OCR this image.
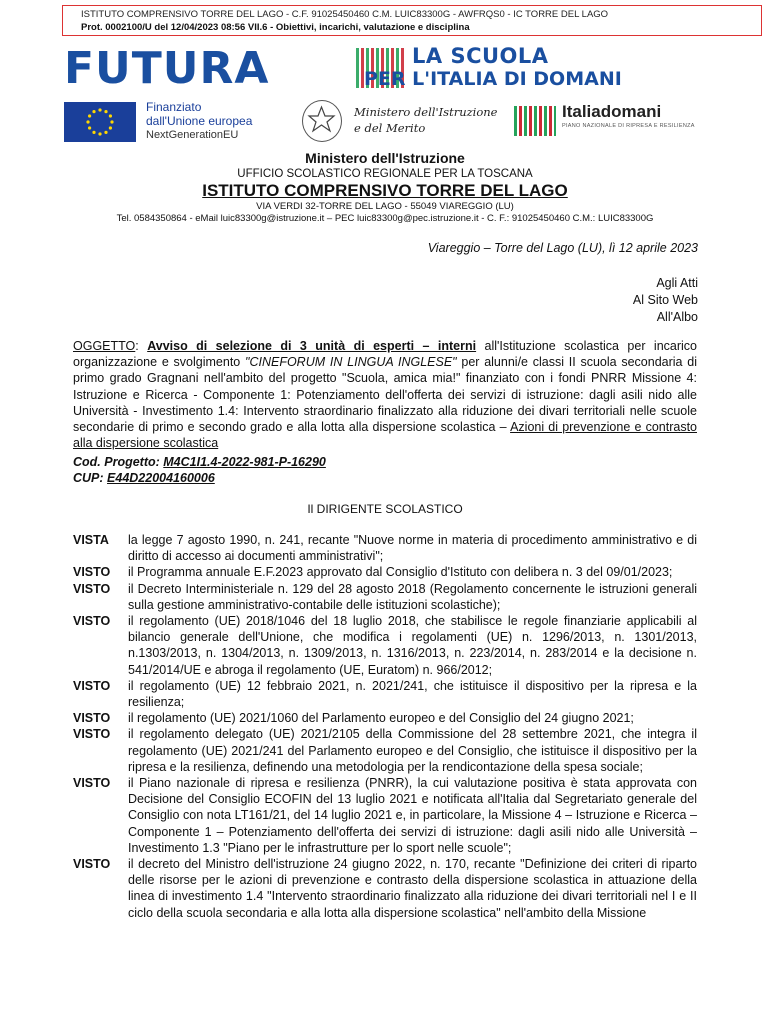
ISTITUTO COMPRENSIVO TORRE DEL LAGO - C.F. 91025450460 C.M. LUIC83300G - AWFRQS0 - IC TORRE DEL LAGO
Prot. 0002100/U del 12/04/2023 08:56 VII.6 - Obiettivi, incarichi, valutazione e disciplina
FUTURA	LA SCUOLA
PER L'ITALIA DI DOMANI
Finanziato
dall'Unione europea
NextGenerationEU
Ministero dell'Istruzione
e del Merito
Italiadomani
PIANO NAZIONALE DI RIPRESA E RESILIENZA
Ministero dell'Istruzione
UFFICIO SCOLASTICO REGIONALE PER LA TOSCANA
ISTITUTO COMPRENSIVO TORRE DEL LAGO
VIA VERDI 32-TORRE DEL LAGO - 55049 VIAREGGIO (LU)
Tel. 0584350864 - eMail luic83300g@istruzione.it – PEC luic83300g@pec.istruzione.it - C. F.: 91025450460 C.M.: LUIC83300G
Viareggio – Torre del Lago (LU), lì 12 aprile 2023
Agli Atti
Al Sito Web
All'Albo
OGGETTO: Avviso di selezione di 3 unità di esperti – interni all'Istituzione scolastica per incarico organizzazione e svolgimento "CINEFORUM IN LINGUA INGLESE" per alunni/e classi II scuola secondaria di primo grado Gragnani nell'ambito del progetto "Scuola, amica mia!" finanziato con i fondi PNRR Missione 4: Istruzione e Ricerca - Componente 1: Potenziamento dell'offerta dei servizi di istruzione: dagli asili nido alle Università - Investimento 1.4: Intervento straordinario finalizzato alla riduzione dei divari territoriali nelle scuole secondarie di primo e secondo grado e alla lotta alla dispersione scolastica – Azioni di prevenzione e contrasto alla dispersione scolastica
Cod. Progetto: M4C1I1.4-2022-981-P-16290
CUP: E44D22004160006
Il DIRIGENTE SCOLASTICO
VISTA	la legge 7 agosto 1990, n. 241, recante "Nuove norme in materia di procedimento amministrativo e di diritto di accesso ai documenti amministrativi";
VISTO	il Programma annuale E.F.2023 approvato dal Consiglio d'Istituto con delibera n. 3 del 09/01/2023;
VISTO	il Decreto Interministeriale n. 129 del 28 agosto 2018 (Regolamento concernente le istruzioni generali sulla gestione amministrativo-contabile delle istituzioni scolastiche);
VISTO	il regolamento (UE) 2018/1046 del 18 luglio 2018, che stabilisce le regole finanziarie applicabili al bilancio generale dell'Unione, che modifica i regolamenti (UE) n. 1296/2013, n. 1301/2013, n.1303/2013, n. 1304/2013, n. 1309/2013, n. 1316/2013, n. 223/2014, n. 283/2014 e la decisione n. 541/2014/UE e abroga il regolamento (UE, Euratom) n. 966/2012;
VISTO	il regolamento (UE) 12 febbraio 2021, n. 2021/241, che istituisce il dispositivo per la ripresa e la resilienza;
VISTO	il regolamento (UE) 2021/1060 del Parlamento europeo e del Consiglio del 24 giugno 2021;
VISTO	il regolamento delegato (UE) 2021/2105 della Commissione del 28 settembre 2021, che integra il regolamento (UE) 2021/241 del Parlamento europeo e del Consiglio, che istituisce il dispositivo per la ripresa e la resilienza, definendo una metodologia per la rendicontazione della spesa sociale;
VISTO	il Piano nazionale di ripresa e resilienza (PNRR), la cui valutazione positiva è stata approvata con Decisione del Consiglio ECOFIN del 13 luglio 2021 e notificata all'Italia dal Segretariato generale del Consiglio con nota LT161/21, del 14 luglio 2021 e, in particolare, la Missione 4 – Istruzione e Ricerca – Componente 1 – Potenziamento dell'offerta dei servizi di istruzione: dagli asili nido alle Università – Investimento 1.3 "Piano per le infrastrutture per lo sport nelle scuole";
VISTO	il decreto del Ministro dell'istruzione 24 giugno 2022, n. 170, recante "Definizione dei criteri di riparto delle risorse per le azioni di prevenzione e contrasto della dispersione scolastica in attuazione della linea di investimento 1.4 "Intervento straordinario finalizzato alla riduzione dei divari territoriali nel I e II ciclo della scuola secondaria e alla lotta alla dispersione scolastica" nell'ambito della Missione
